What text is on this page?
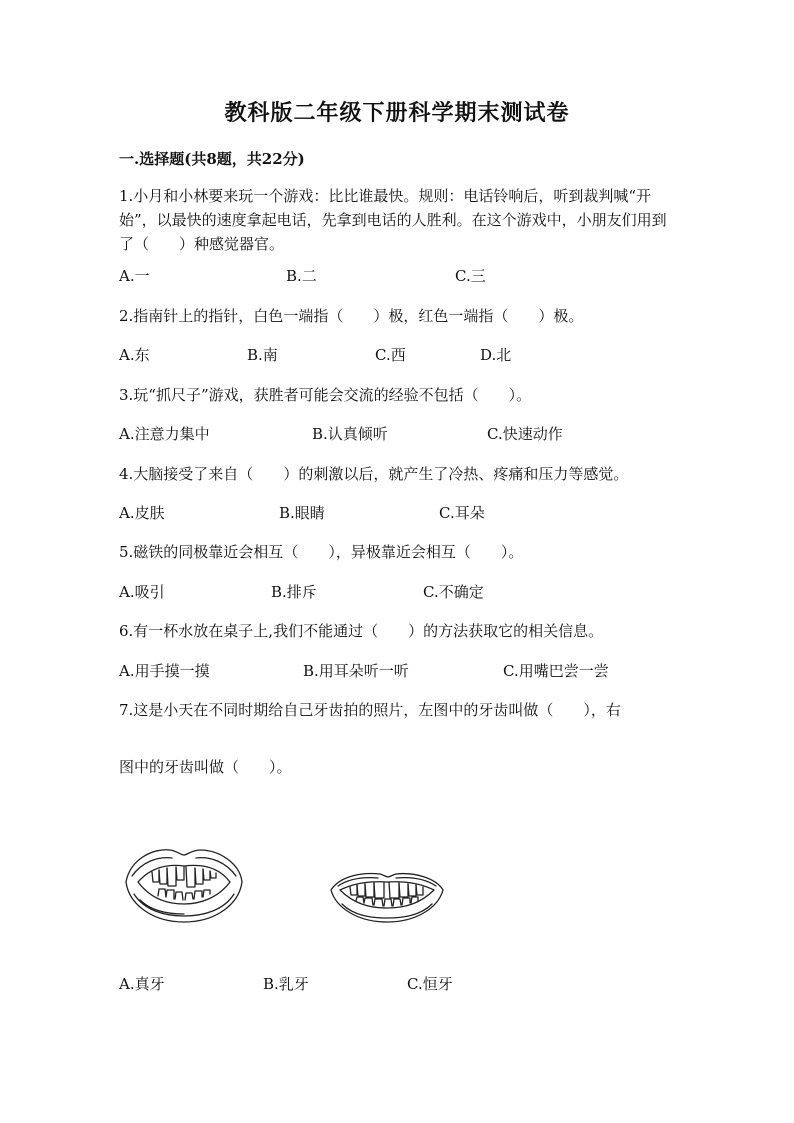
教科版二年级下册科学期末测试卷
一.选择题(共8题，共22分)
1.小月和小林要来玩一个游戏：比比谁最快。规则：电话铃响后，听到裁判喊“开始”，以最快的速度拿起电话，先拿到电话的人胜利。在这个游戏中，小朋友们用到了（　　）种感觉器官。
A.一	B.二	C.三
2.指南针上的指针，白色一端指（　　）极，红色一端指（　　）极。
A.东	B.南	C.西	D.北
3.玩“抓尺子”游戏，获胜者可能会交流的经验不包括（　　）。
A.注意力集中	B.认真倾听	C.快速动作
4.大脑接受了来自（　　）的刺激以后，就产生了冷热、疼痛和压力等感觉。
A.皮肤	B.眼睛	C.耳朵
5.磁铁的同极靠近会相互（　　），异极靠近会相互（　　）。
A.吸引	B.排斥	C.不确定
6.有一杯水放在桌子上,我们不能通过（　　）的方法获取它的相关信息。
A.用手摸一摸	B.用耳朵听一听	C.用嘴巴尝一尝
7.这是小天在不同时期给自己牙齿拍的照片，左图中的牙齿叫做（　　），右
图中的牙齿叫做（　　）。
A.真牙	B.乳牙	C.恒牙
